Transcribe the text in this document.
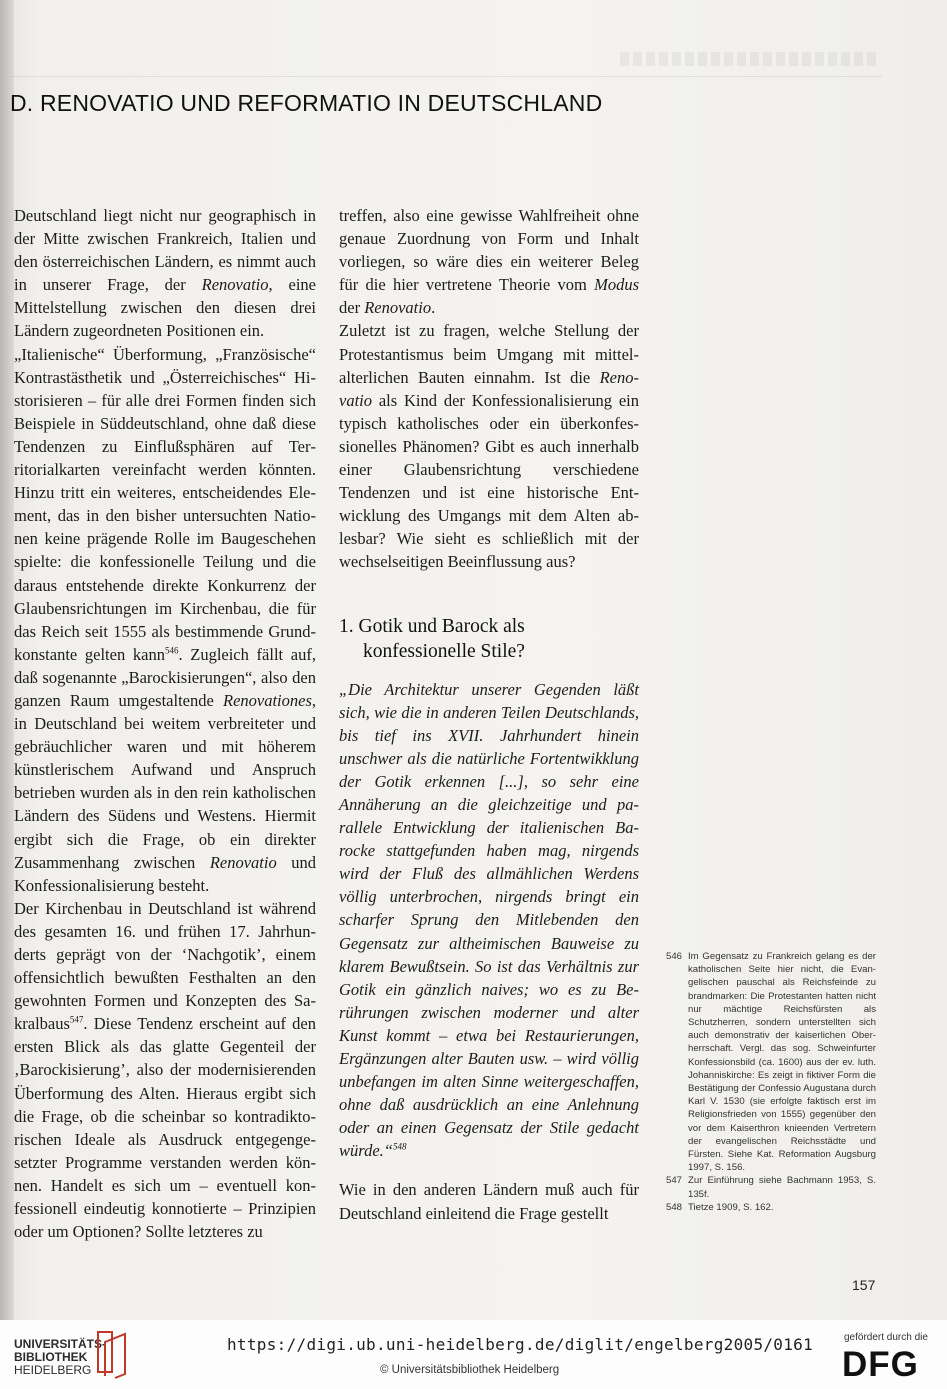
D. RENOVATIO UND REFORMATIO IN DEUTSCHLAND

Deutschland liegt nicht nur geographisch in der Mitte zwischen Frankreich, Italien und den österreichischen Ländern, es nimmt auch in unserer Frage, der Renovatio, eine Mittelstellung zwischen den diesen drei Ländern zugeordneten Positionen ein.

„Italienische“ Überformung, „Französische“ Kontrastästhetik und „Österreichisches“ Historisieren – für alle drei Formen finden sich Beispiele in Süddeutschland, ohne daß diese Tendenzen zu Einflußsphären auf Territorialkarten vereinfacht werden könnten. Hinzu tritt ein weiteres, entscheidendes Element, das in den bisher untersuchten Nationen keine prägende Rolle im Baugeschehen spielte: die konfessionelle Teilung und die daraus entstehende direkte Konkurrenz der Glaubensrichtungen im Kirchenbau, die für das Reich seit 1555 als bestimmende Grundkonstante gelten kann$^{546}$. Zugleich fällt auf, daß sogenannte „Barockisierungen“, also den ganzen Raum umgestaltende Renovationes, in Deutschland bei weitem verbreiteter und gebräuchlicher waren und mit höherem künstlerischem Aufwand und Anspruch betrieben wurden als in den rein katholischen Ländern des Südens und Westens. Hiermit ergibt sich die Frage, ob ein direkter Zusammenhang zwischen Renovatio und Konfessionalisierung besteht.

Der Kirchenbau in Deutschland ist während des gesamten 16. und frühen 17. Jahrhunderts geprägt von der ‘Nachgotik’, einem offensichtlich bewußten Festhalten an den gewohnten Formen und Konzepten des Sakralbaus$^{547}$. Diese Tendenz erscheint auf den ersten Blick als das glatte Gegenteil der ‚Barockisierung’, also der modernisierenden Überformung des Alten. Hieraus ergibt sich die Frage, ob die scheinbar so kontradiktorischen Ideale als Ausdruck entgegengesetzter Programme verstanden werden können. Handelt es sich um – eventuell konfessionell eindeutig konnotierte – Prinzipien oder um Optionen? Sollte letzteres zu

treffen, also eine gewisse Wahlfreiheit ohne genaue Zuordnung von Form und Inhalt vorliegen, so wäre dies ein weiterer Beleg für die hier vertretene Theorie vom Modus der Renovatio.

Zuletzt ist zu fragen, welche Stellung der Protestantismus beim Umgang mit mittelalterlichen Bauten einnahm. Ist die Renovatio als Kind der Konfessionalisierung ein typisch katholisches oder ein überkonfessionelles Phänomen? Gibt es auch innerhalb einer Glaubensrichtung verschiedene Tendenzen und ist eine historische Entwicklung des Umgangs mit dem Alten ablesbar? Wie sieht es schließlich mit der wechselseitigen Beeinflussung aus?

1. Gotik und Barock als konfessionelle Stile?

„Die Architektur unserer Gegenden läßt sich, wie die in anderen Teilen Deutschlands, bis tief ins XVII. Jahrhundert hinein unschwer als die natürliche Fortentwikklung der Gotik erkennen [...], so sehr eine Annäherung an die gleichzeitige und parallele Entwicklung der italienischen Barocke stattgefunden haben mag, nirgends wird der Fluß des allmählichen Werdens völlig unterbrochen, nirgends bringt ein scharfer Sprung den Mitlebenden den Gegensatz zur altheimischen Bauweise zu klarem Bewußtsein. So ist das Verhältnis zur Gotik ein gänzlich naives; wo es zu Berührungen zwischen moderner und alter Kunst kommt – etwa bei Restaurierungen, Ergänzungen alter Bauten usw. – wird völlig unbefangen im alten Sinne weitergeschaffen, ohne daß ausdrücklich an eine Anlehnung oder an einen Gegensatz der Stile gedacht würde.“$^{548}$

Wie in den anderen Ländern muß auch für Deutschland einleitend die Frage gestellt

546 Im Gegensatz zu Frankreich gelang es der katholischen Seite hier nicht, die Evangelischen pauschal als Reichsfeinde zu brandmarken: Die Protestanten hatten nicht nur mächtige Reichsfürsten als Schutzherren, sondern unterstellten sich auch demonstrativ der kaiserlichen Oberherrschaft. Vergl. das sog. Schweinfurter Konfessionsbild (ca. 1600) aus der ev. luth. Johanniskirche: Es zeigt in fiktiver Form die Bestätigung der Confessio Augustana durch Karl V. 1530 (sie erfolgte faktisch erst im Religionsfrieden von 1555) gegenüber den vor dem Kaiserthron knieenden Vertretern der evangelischen Reichsstädte und Fürsten. Siehe Kat. Reformation Augsburg 1997, S. 156.
547 Zur Einführung siehe Bachmann 1953, S. 135f.
548 Tietze 1909, S. 162.
157
UNIVERSITÄTS-
BIBLIOTHEK
HEIDELBERG
https://digi.ub.uni-heidelberg.de/diglit/engelberg2005/0161
© Universitätsbibliothek Heidelberg
gefördert durch die
DFG
